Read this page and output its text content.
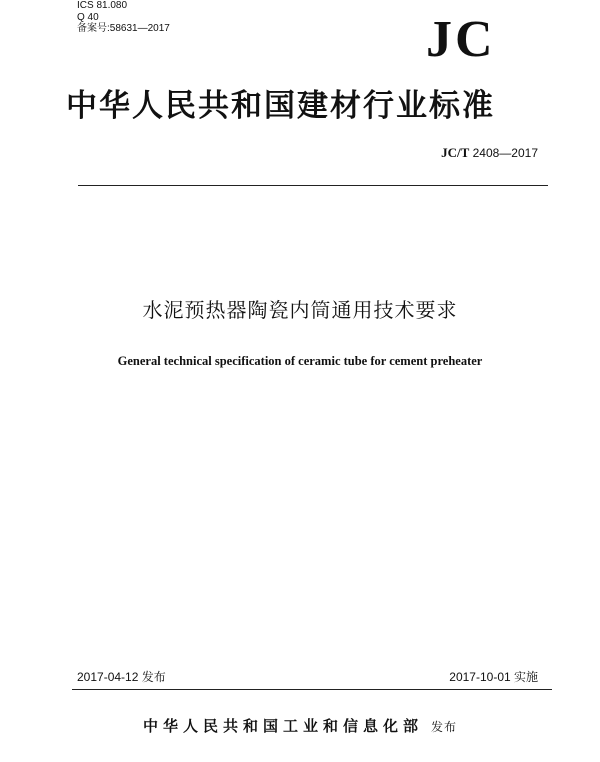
ICS 81.080
Q 40
备案号:58631—2017	JC
中华人民共和国建材行业标准
JC/T 2408—2017
水泥预热器陶瓷内筒通用技术要求
General technical specification of ceramic tube for cement preheater
2017-04-12 发布	2017-10-01 实施
中华人民共和国工业和信息化部 发布
